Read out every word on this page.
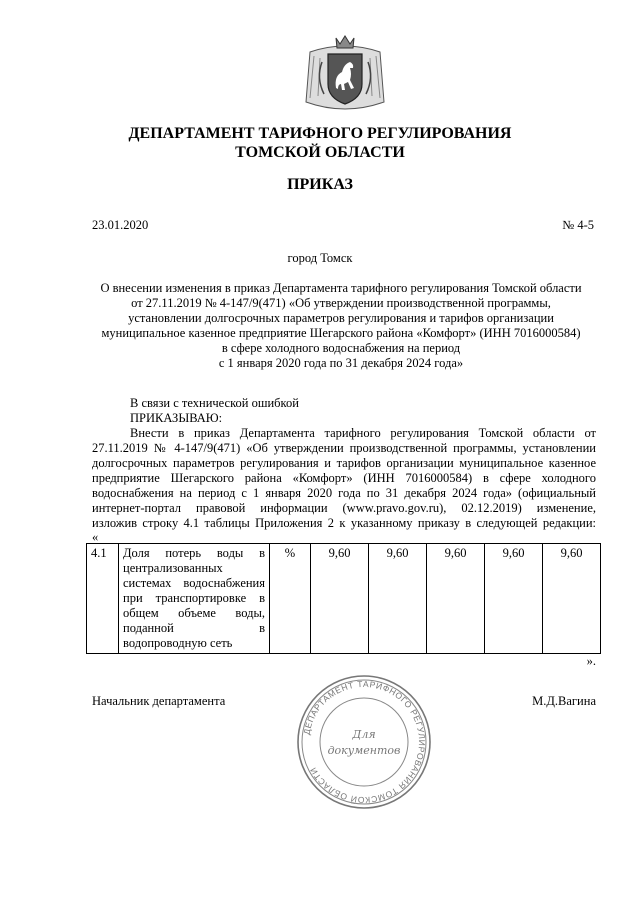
ДЕПАРТАМЕНТ ТАРИФНОГО РЕГУЛИРОВАНИЯ
ТОМСКОЙ ОБЛАСТИ
ПРИКАЗ
23.01.2020	№ 4-5
город Томск
О внесении изменения в приказ Департамента тарифного регулирования Томской области
от 27.11.2019 № 4-147/9(471) «Об утверждении производственной программы,
установлении долгосрочных параметров регулирования и тарифов организации
муниципальное казенное предприятие Шегарского района «Комфорт» (ИНН 7016000584)
в сфере холодного водоснабжения на период
с 1 января 2020 года по 31 декабря 2024 года»
В связи с технической ошибкой
ПРИКАЗЫВАЮ:
Внести в приказ Департамента тарифного регулирования Томской области от
27.11.2019 № 4-147/9(471) «Об утверждении производственной программы, установлении
долгосрочных параметров регулирования и тарифов организации муниципальное казенное
предприятие Шегарского района «Комфорт» (ИНН 7016000584) в сфере холодного
водоснабжения на период с 1 января 2020 года по 31 декабря 2024 года» (официальный
интернет-портал правовой информации (www.pravo.gov.ru), 02.12.2019) изменение,
изложив строку 4.1 таблицы Приложения 2 к указанному приказу в следующей редакции:
«
4.1	Доля потерь воды в централизованных системах водоснабжения при транспортировке в общем объеме воды, поданной в водопроводную сеть	%	9,60	9,60	9,60	9,60	9,60
».
Начальник департамента	М.Д.Вагина
ДЕПАРТАМЕНТ ТАРИФНОГО РЕГУЛИРОВАНИЯ ТОМСКОЙ ОБЛАСТИ
Для
документов
